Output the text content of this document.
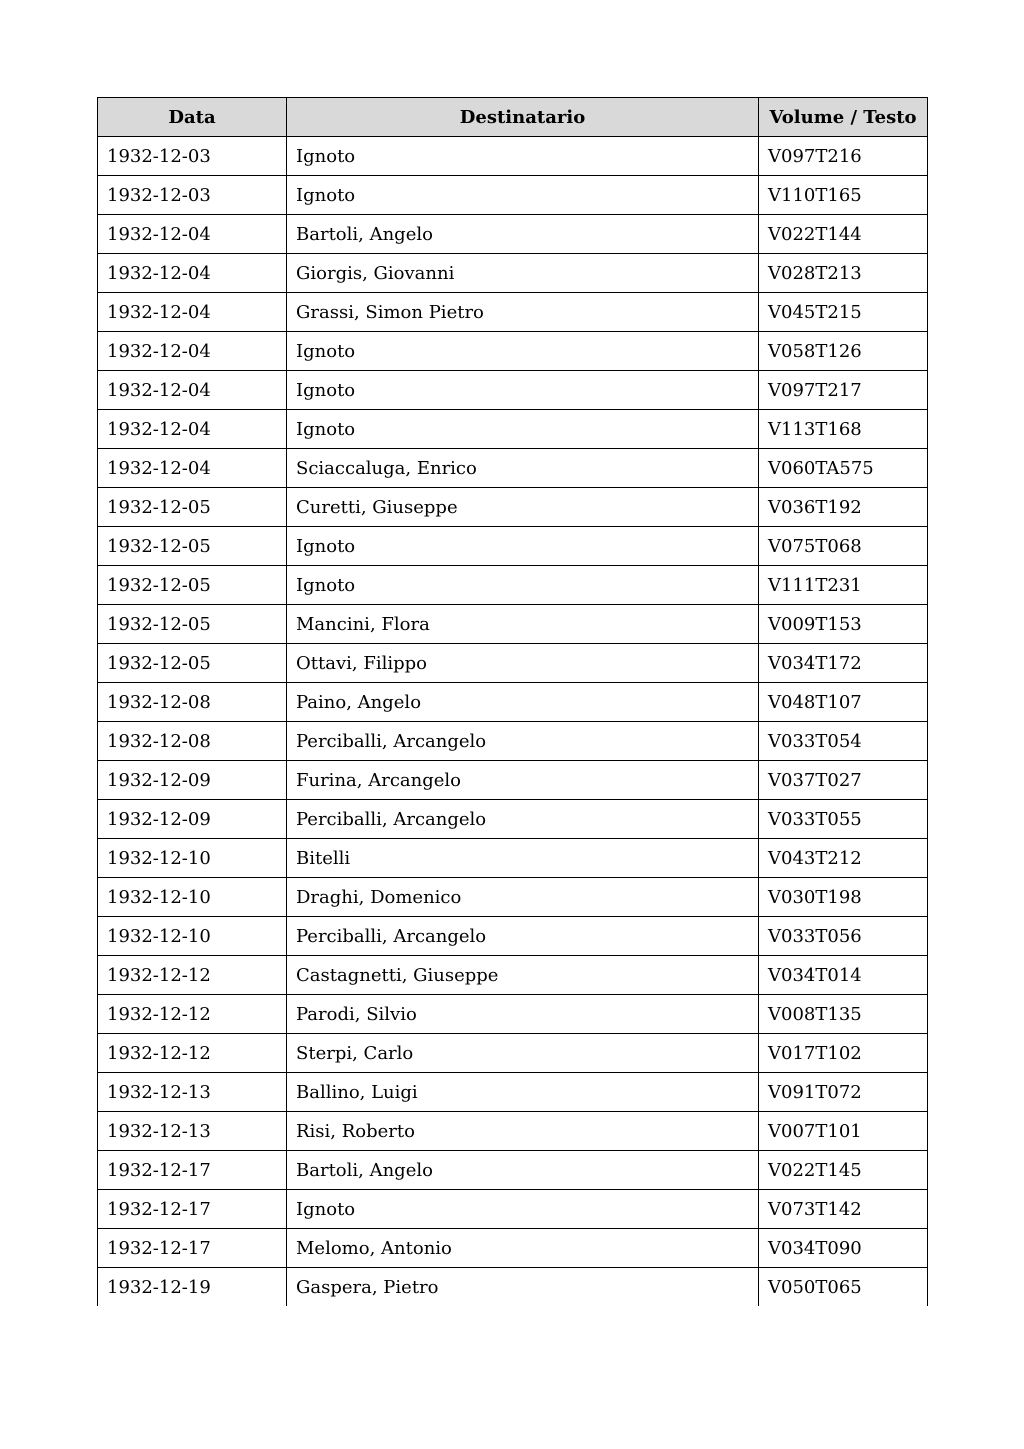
Data	Destinatario	Volume / Testo
1932-12-03	Ignoto	V097T216
1932-12-03	Ignoto	V110T165
1932-12-04	Bartoli, Angelo	V022T144
1932-12-04	Giorgis, Giovanni	V028T213
1932-12-04	Grassi, Simon Pietro	V045T215
1932-12-04	Ignoto	V058T126
1932-12-04	Ignoto	V097T217
1932-12-04	Ignoto	V113T168
1932-12-04	Sciaccaluga, Enrico	V060TA575
1932-12-05	Curetti, Giuseppe	V036T192
1932-12-05	Ignoto	V075T068
1932-12-05	Ignoto	V111T231
1932-12-05	Mancini, Flora	V009T153
1932-12-05	Ottavi, Filippo	V034T172
1932-12-08	Paino, Angelo	V048T107
1932-12-08	Perciballi, Arcangelo	V033T054
1932-12-09	Furina, Arcangelo	V037T027
1932-12-09	Perciballi, Arcangelo	V033T055
1932-12-10	Bitelli	V043T212
1932-12-10	Draghi, Domenico	V030T198
1932-12-10	Perciballi, Arcangelo	V033T056
1932-12-12	Castagnetti, Giuseppe	V034T014
1932-12-12	Parodi, Silvio	V008T135
1932-12-12	Sterpi, Carlo	V017T102
1932-12-13	Ballino, Luigi	V091T072
1932-12-13	Risi, Roberto	V007T101
1932-12-17	Bartoli, Angelo	V022T145
1932-12-17	Ignoto	V073T142
1932-12-17	Melomo, Antonio	V034T090
1932-12-19	Gaspera, Pietro	V050T065
